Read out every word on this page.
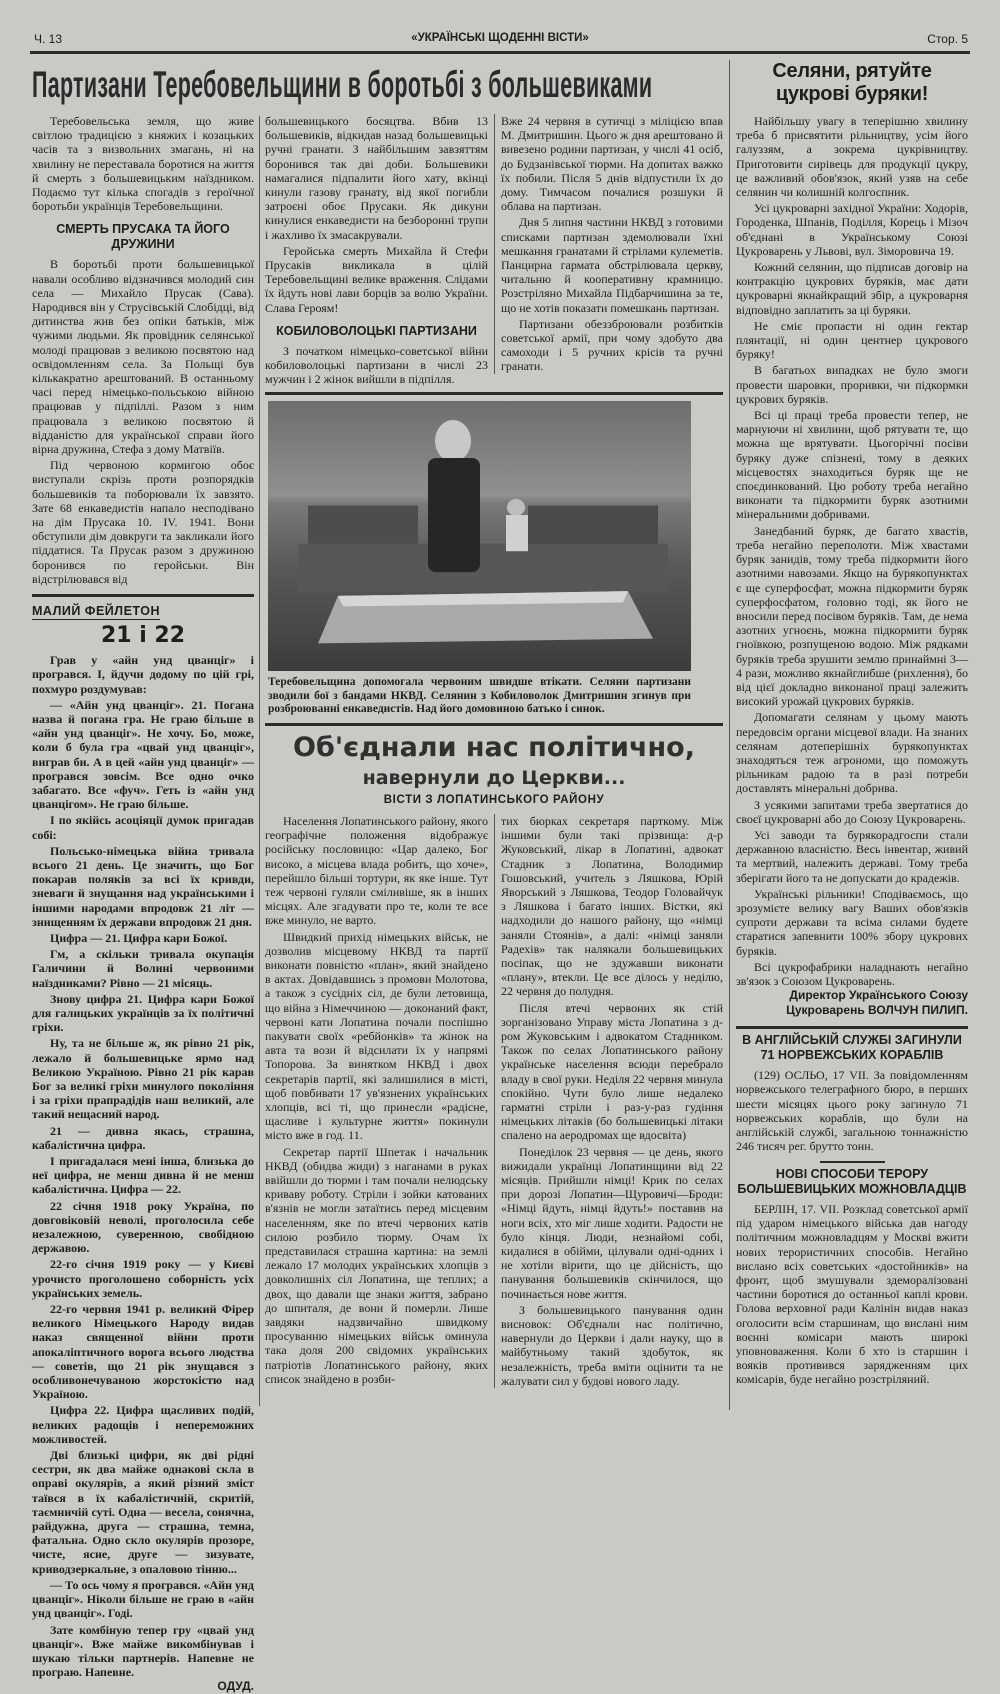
Ч. 13	«УКРАЇНСЬКІ ЩОДЕННІ ВІСТИ»	Стор. 5
Партизани Теребовельщини в боротьбі з большевиками

Теребовельська земля, що живе світлою традицією з княжих і козацьких часів та з визвольних змагань, ні на хвилину не переставала боротися на життя й смерть з большевицьким наїздником. Подаємо тут кілька спогадів з героїчної боротьби українців Теребовельщини.

СМЕРТЬ ПРУСАКА ТА ЙОГО ДРУЖИНИ

В боротьбі проти большевицької навали особливо відзначився молодий син села — Михайло Прусак (Сава). Народився він у Струсівській Слобідці, від дитинства жив без опіки батьків, між чужими людьми. Як провідник селянської молоді працював з великою посвятою над освідомленням села. За Польщі був кількакратно арештований. В останньому часі перед німецько-польською війною працював у підпіллі. Разом з ним працювала з великою посвятою й відданістю для української справи його вірна дружина, Стефа з дому Матвіїв.

Під червоною кормигою обоє виступали скрізь проти розпорядків большевиків та поборювали їх завзято. Зате 68 енкаведистів напало несподівано на дім Прусака 10. IV. 1941. Вони обступили дім довкруги та закликали його піддатися. Та Прусак разом з дружиною боронився по геройськи. Він відстрілювався від

МАЛИЙ ФЕЙЛЕТОН
21 і 22

Грав у «айн унд цванціг» і програвся. І, йдучи додому по цій грі, похмуро роздумував:

— «Айн унд цванціг». 21. Погана назва й погана гра. Не граю більше в «айн унд цванціг». Не хочу. Бо, може, коли б була гра «цвай унд цванціг», виграв би. А в цей «айн унд цванціг» — програвся зовсім. Все одно очко забагато. Все «фуч». Геть із «айн унд цванцігом». Не граю більше.

І по якійсь асоціяції думок пригадав собі:

Польсько-німецька війна тривала всього 21 день. Це значить, що Бог покарав поляків за всі їх кривди, зневаги й знущання над українськими і іншими народами впродовж 21 літ — знищенням їх держави впродовж 21 дня.

Цифра — 21. Цифра кари Божої.

Гм, а скільки тривала окупація Галичини й Волині червоними наїздниками? Рівно — 21 місяць.

Знову цифра 21. Цифра кари Божої для галицьких українців за їх політичні гріхи.

Ну, та не більше ж, як рівно 21 рік, лежало й большевицьке ярмо над Великою Україною. Рівно 21 рік карав Бог за великі гріхи минулого покоління і за гріхи прапрадідів наш великий, але такий нещасний народ.

21 — дивна якась, страшна, кабалістична цифра.

І пригадалася мені інша, близька до неї цифра, не менш дивна й не менш кабалістична. Цифра — 22.

22 січня 1918 року Україна, по довговіковій неволі, проголосила себе незалежною, суверенною, свобідною державою.

22-го січня 1919 року — у Києві урочисто проголошено соборність усіх українських земель.

22-го червня 1941 р. великий Фірер великого Німецького Народу видав наказ священної війни проти апокаліптичного ворога всього людства — советів, що 21 рік знущався з особливонечуваною жорстокістю над Україною.

Цифра 22. Цифра щасливих подій, великих радощів і непереможних можливостей.

Дві близькі цифри, як дві рідні сестри, як два майже однакові скла в оправі окулярів, а який різний зміст таївся в їх кабалістичній, скритій, таємничій суті. Одна — весела, сонячна, райдужна, друга — страшна, темна, фатальна. Одно скло окулярів прозоре, чисте, ясне, друге — зизувате, криводзеркальне, з опаловою тінню...

— То ось чому я програвся. «Айн унд цванціг». Ніколи більше не граю в «айн унд цванціг». Годі.

Зате комбіную тепер гру «цвай унд цванціг». Вже майже викомбінував і шукаю тільки партнерів. Напевне не програю. Напевне.

ОДУД.

большевицького босяцтва. Вбив 13 большевиків, відкидав назад большевицькі ручні гранати. З найбільшим завзяттям боронився так дві доби. Большевики намагалися підпалити його хату, вкінці кинули газову гранату, від якої погибли затроєні обоє Прусаки. Як дикуни кинулися енкаведисти на безборонні трупи і жахливо їх змасакрували.

Геройська смерть Михайла й Стефи Прусаків викликала в цілій Теребовельщині велике враження. Слідами їх йдуть нові лави борців за волю України. Слава Героям!

КОБИЛОВОЛОЦЬКІ ПАРТИЗАНИ

З початком німецько-советської війни кобиловолоцькі партизани в числі 23 мужчин і 2 жінок вийшли в підпілля.

Вже 24 червня в сутичці з міліцією впав М. Дмитришин. Цього ж дня арештовано й вивезено родини партизан, у числі 41 осіб, до Будзанівської тюрми. На допитах важко їх побили. Після 5 днів відпустили їх до дому. Тимчасом почалися розшуки й облава на партизан.

Дня 5 липня частини НКВД з готовими списками партизан здемолювали їхні мешкання гранатами й стрілами кулеметів. Панцирна гармата обстрілювала церкву, читальню й кооперативну крамницю. Розстріляно Михайла Підбарчишина за те, що не хотів показати помешкань партизан.

Партизани обеззброювали розбитків советської армії, при чому здобуто два самоходи і 5 ручних крісів та ручні гранати.

Теребовельщина допомогала червоним швидше втікати. Селяни партизани зводили бої з бандами НКВД. Селянин з Кобиловолок Дмитришин згинув при розброюванні енкаведистів. Над його домовиною батько і синок.
Об'єднали нас політично,
навернули до Церкви...
ВІСТИ З ЛОПАТИНСЬКОГО РАЙОНУ

Населення Лопатинського району, якого географічне положення відображує російську пословицю: «Цар далеко, Бог високо, а місцева влада робить, що хоче», перейшло більші тортури, як яке інше. Тут теж червоні гуляли сміливіше, як в інших місцях. Але згадувати про те, коли те все вже минуло, не варто.

Швидкий прихід німецьких військ, не дозволив місцевому НКВД та партії виконати повністю «план», який знайдено в актах. Довідавшись з промови Молотова, а також з сусідніх сіл, де були летовища, що війна з Німеччиною — доконаний факт, червоні кати Лопатина почали поспішно пакувати своїх «ребйонків» та жінок на авта та вози й відсилати їх у напрямі Топорова. За винятком НКВД і двох секретарів партії, які залишилися в місті, щоб повбивати 17 ув'язнених українських хлопців, всі ті, що принесли «радісне, щасливе і культурне життя» покинули місто вже в год. 11.

Секретар партії Шпетак і начальник НКВД (обидва жиди) з наганами в руках ввійшли до тюрми і там почали нелюдську криваву роботу. Стріли і зойки катованих в'язнів не могли затаїтись перед місцевим населенням, яке по втечі червоних катів силою розбило тюрму. Очам їх представилася страшна картина: на землі лежало 17 молодих українських хлопців з довколишніх сіл Лопатина, ще теплих; а двох, що давали ще знаки життя, забрано до шпиталя, де вони й померли. Лише завдяки надзвичайно швидкому просуванню німецьких військ оминула така доля 200 свідомих українських патріотів Лопатинського району, яких список знайдено в розби-

тих бюрках секретаря парткому. Між іншими були такі прізвища: д-р Жуковський, лікар в Лопатині, адвокат Стадник з Лопатина, Володимир Гошовський, учитель з Ляшкова, Юрій Яворський з Ляшкова, Теодор Головайчук з Ляшкова і багато інших. Вістки, які надходили до нашого району, що «німці заняли Стоянів», а далі: «німці заняли Радехів» так налякали большевицьких посіпак, що не здужавши виконати «плану», втекли. Це все ділось у неділю, 22 червня до полудня.

Після втечі червоних як стій зорганізовано Управу міста Лопатина з д-ром Жуковським і адвокатом Стадником. Також по селах Лопатинського району українське населення всюди перебрало владу в свої руки. Неділя 22 червня минула спокійно. Чути було лише недалеко гарматні стріли і раз-у-раз гудіння німецьких літаків (бо большевицькі літаки спалено на аеродромах ще вдосвіта)

Понеділок 23 червня — це день, якого вижидали українці Лопатинщини від 22 місяців. Прийшли німці! Крик по селах при дорозі Лопатин—Щуровичі—Броди: «Німці йдуть, німці йдуть!» поставив на ноги всіх, хто міг лише ходити. Радости не було кінця. Люди, незнайомі собі, кидалися в обійми, цілували одні-одних і не хотіли вірити, що це дійсність, що панування большевиків скінчилося, що починається нове життя.

З большевицького панування один висновок: Об'єднали нас політично, навернули до Церкви і дали науку, що в майбутньому такий здобуток, як незалежність, треба вміти оцінити та не жалувати сил у будові нового ладу.

Селяни, рятуйте цукрові буряки!

Найбільшу увагу в теперішню хвилину треба б присвятити рільництву, усім його галуззям, а зокрема цукрівництву. Приготовити сирівець для продукції цукру, це важливий обов'язок, який узяв на себе селянин чи колишній колгоспник.

Усі цукроварні західної України: Ходорів, Городенка, Шпанів, Поділля, Корець і Мізоч об'єднані в Українському Союзі Цукроварень у Львові, вул. Зіморовича 19.

Кожний селянин, що підписав договір на контракцію цукрових буряків, має дати цукроварні якнайкращий збір, а цукроварня відповідно заплатить за ці буряки.

Не сміє пропасти ні один гектар плянтації, ні один центнер цукрового буряку!

В багатьох випадках не було змоги провести шаровки, проривки, чи підкормки цукрових буряків.

Всі ці праці треба провести тепер, не марнуючи ні хвилини, щоб рятувати те, що можна ще врятувати. Цьогорічні посіви буряку дуже спізнені, тому в деяких місцевостях знаходиться буряк ще не споєдинкований. Цю роботу треба негайно виконати та підкормити буряк азотними мінеральними добривами.

Занедбаний буряк, де багато хвастів, треба негайно переполоти. Між хвастами буряк занидів, тому треба підкормити його азотними навозами. Якщо на бурякопунктах є ще суперфосфат, можна підкормити буряк суперфосфатом, головно тоді, як його не вносили перед посівом буряків. Там, де нема азотних угноєнь, можна підкормити буряк гноївкою, розпущеною водою. Між рядками буряків треба зрушити землю принаймні 3—4 рази, можливо якнайглибше (рихлення), бо від цієї докладно виконаної праці залежить високий урожай цукрових буряків.

Допомагати селянам у цьому мають передовсім органи місцевої влади. На знаних селянам дотеперішніх бурякопунктах знаходяться теж агрономи, що поможуть рільникам радою та в разі потреби доставлять мінеральні добрива.

З усякими запитами треба звертатися до своєї цукроварні або до Союзу Цукроварень.

Усі заводи та бурякорадгоспи стали державною власністю. Весь інвентар, живий та мертвий, належить державі. Тому треба зберігати його та не допускати до крадежів.

Українські рільники! Сподіваємось, що зрозумієте велику вагу Ваших обов'язків супроти держави та всіма силами будете старатися запевнити 100% збору цукрових буряків.

Всі цукрофабрики наладнають негайно зв'язок з Союзом Цукроварень.

Директор Українського Союзу
Цукроварень ВОЛЧУН ПИЛИП.
В АНГЛІЙСЬКІЙ СЛУЖБІ ЗАГИНУЛИ 71 НОРВЕЖСЬКИХ КОРАБЛІВ

(129) ОСЛЬО, 17 VII. За повідомленням норвежського телеграфного бюро, в перших шести місяцях цього року загинуло 71 норвежських кораблів, що були на англійській службі, загальною тоннажністю 246 тисяч рег. брутто тонн.

НОВІ СПОСОБИ ТЕРОРУ БОЛЬШЕВИЦЬКИХ МОЖНОВЛАДЦІВ

БЕРЛІН, 17. VII. Розклад советської армії під ударом німецького війська дав нагоду політичним можновладцям у Москві вжити нових терористичних способів. Негайно вислано всіх советських «достойників» на фронт, щоб змушували здеморалізовані частини боротися до останньої каплі крови. Голова верховної ради Калінін видав наказ оголосити всім старшинам, що вислані ним воєнні комісари мають широкі уповноваження. Коли б хто із старшин і вояків противився зарядженням цих комісарів, буде негайно розстріляний.
